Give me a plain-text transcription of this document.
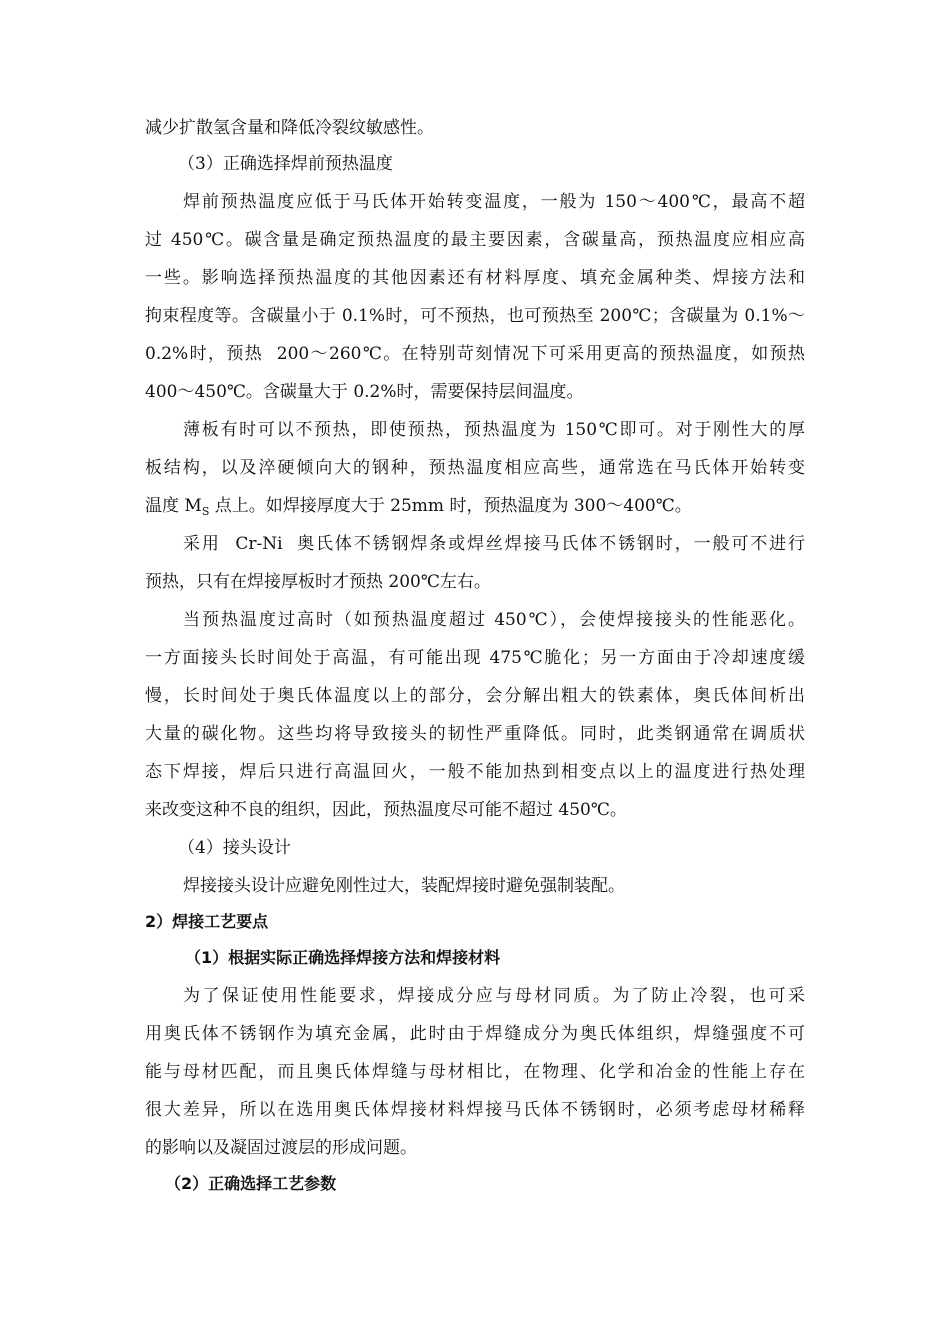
减少扩散氢含量和降低冷裂纹敏感性。
（3）正确选择焊前预热温度
焊前预热温度应低于马氏体开始转变温度，一般为 150～400℃，最高不超
过 450℃。碳含量是确定预热温度的最主要因素，含碳量高，预热温度应相应高
一些。影响选择预热温度的其他因素还有材料厚度、填充金属种类、焊接方法和
拘束程度等。含碳量小于 0.1%时，可不预热，也可预热至 200℃；含碳量为 0.1%～
0.2%时，预热  200～260℃。在特别苛刻情况下可采用更高的预热温度，如预热
400～450℃。含碳量大于 0.2%时，需要保持层间温度。
薄板有时可以不预热，即使预热，预热温度为 150℃即可。对于刚性大的厚
板结构，以及淬硬倾向大的钢种，预热温度相应高些，通常选在马氏体开始转变
温度 $M_S$ 点上。如焊接厚度大于 25mm 时，预热温度为 300～400℃。
采用  Cr-Ni  奥氏体不锈钢焊条或焊丝焊接马氏体不锈钢时，一般可不进行
预热，只有在焊接厚板时才预热 200℃左右。
当预热温度过高时（如预热温度超过 450℃），会使焊接接头的性能恶化。
一方面接头长时间处于高温，有可能出现 475℃脆化；另一方面由于冷却速度缓
慢，长时间处于奥氏体温度以上的部分，会分解出粗大的铁素体，奥氏体间析出
大量的碳化物。这些均将导致接头的韧性严重降低。同时，此类钢通常在调质状
态下焊接，焊后只进行高温回火，一般不能加热到相变点以上的温度进行热处理
来改变这种不良的组织，因此，预热温度尽可能不超过 450℃。
（4）接头设计
焊接接头设计应避免刚性过大，装配焊接时避免强制装配。
2）焊接工艺要点
（1）根据实际正确选择焊接方法和焊接材料
为了保证使用性能要求，焊接成分应与母材同质。为了防止冷裂，也可采
用奥氏体不锈钢作为填充金属，此时由于焊缝成分为奥氏体组织，焊缝强度不可
能与母材匹配，而且奥氏体焊缝与母材相比，在物理、化学和冶金的性能上存在
很大差异，所以在选用奥氏体焊接材料焊接马氏体不锈钢时，必须考虑母材稀释
的影响以及凝固过渡层的形成问题。
（2）正确选择工艺参数
